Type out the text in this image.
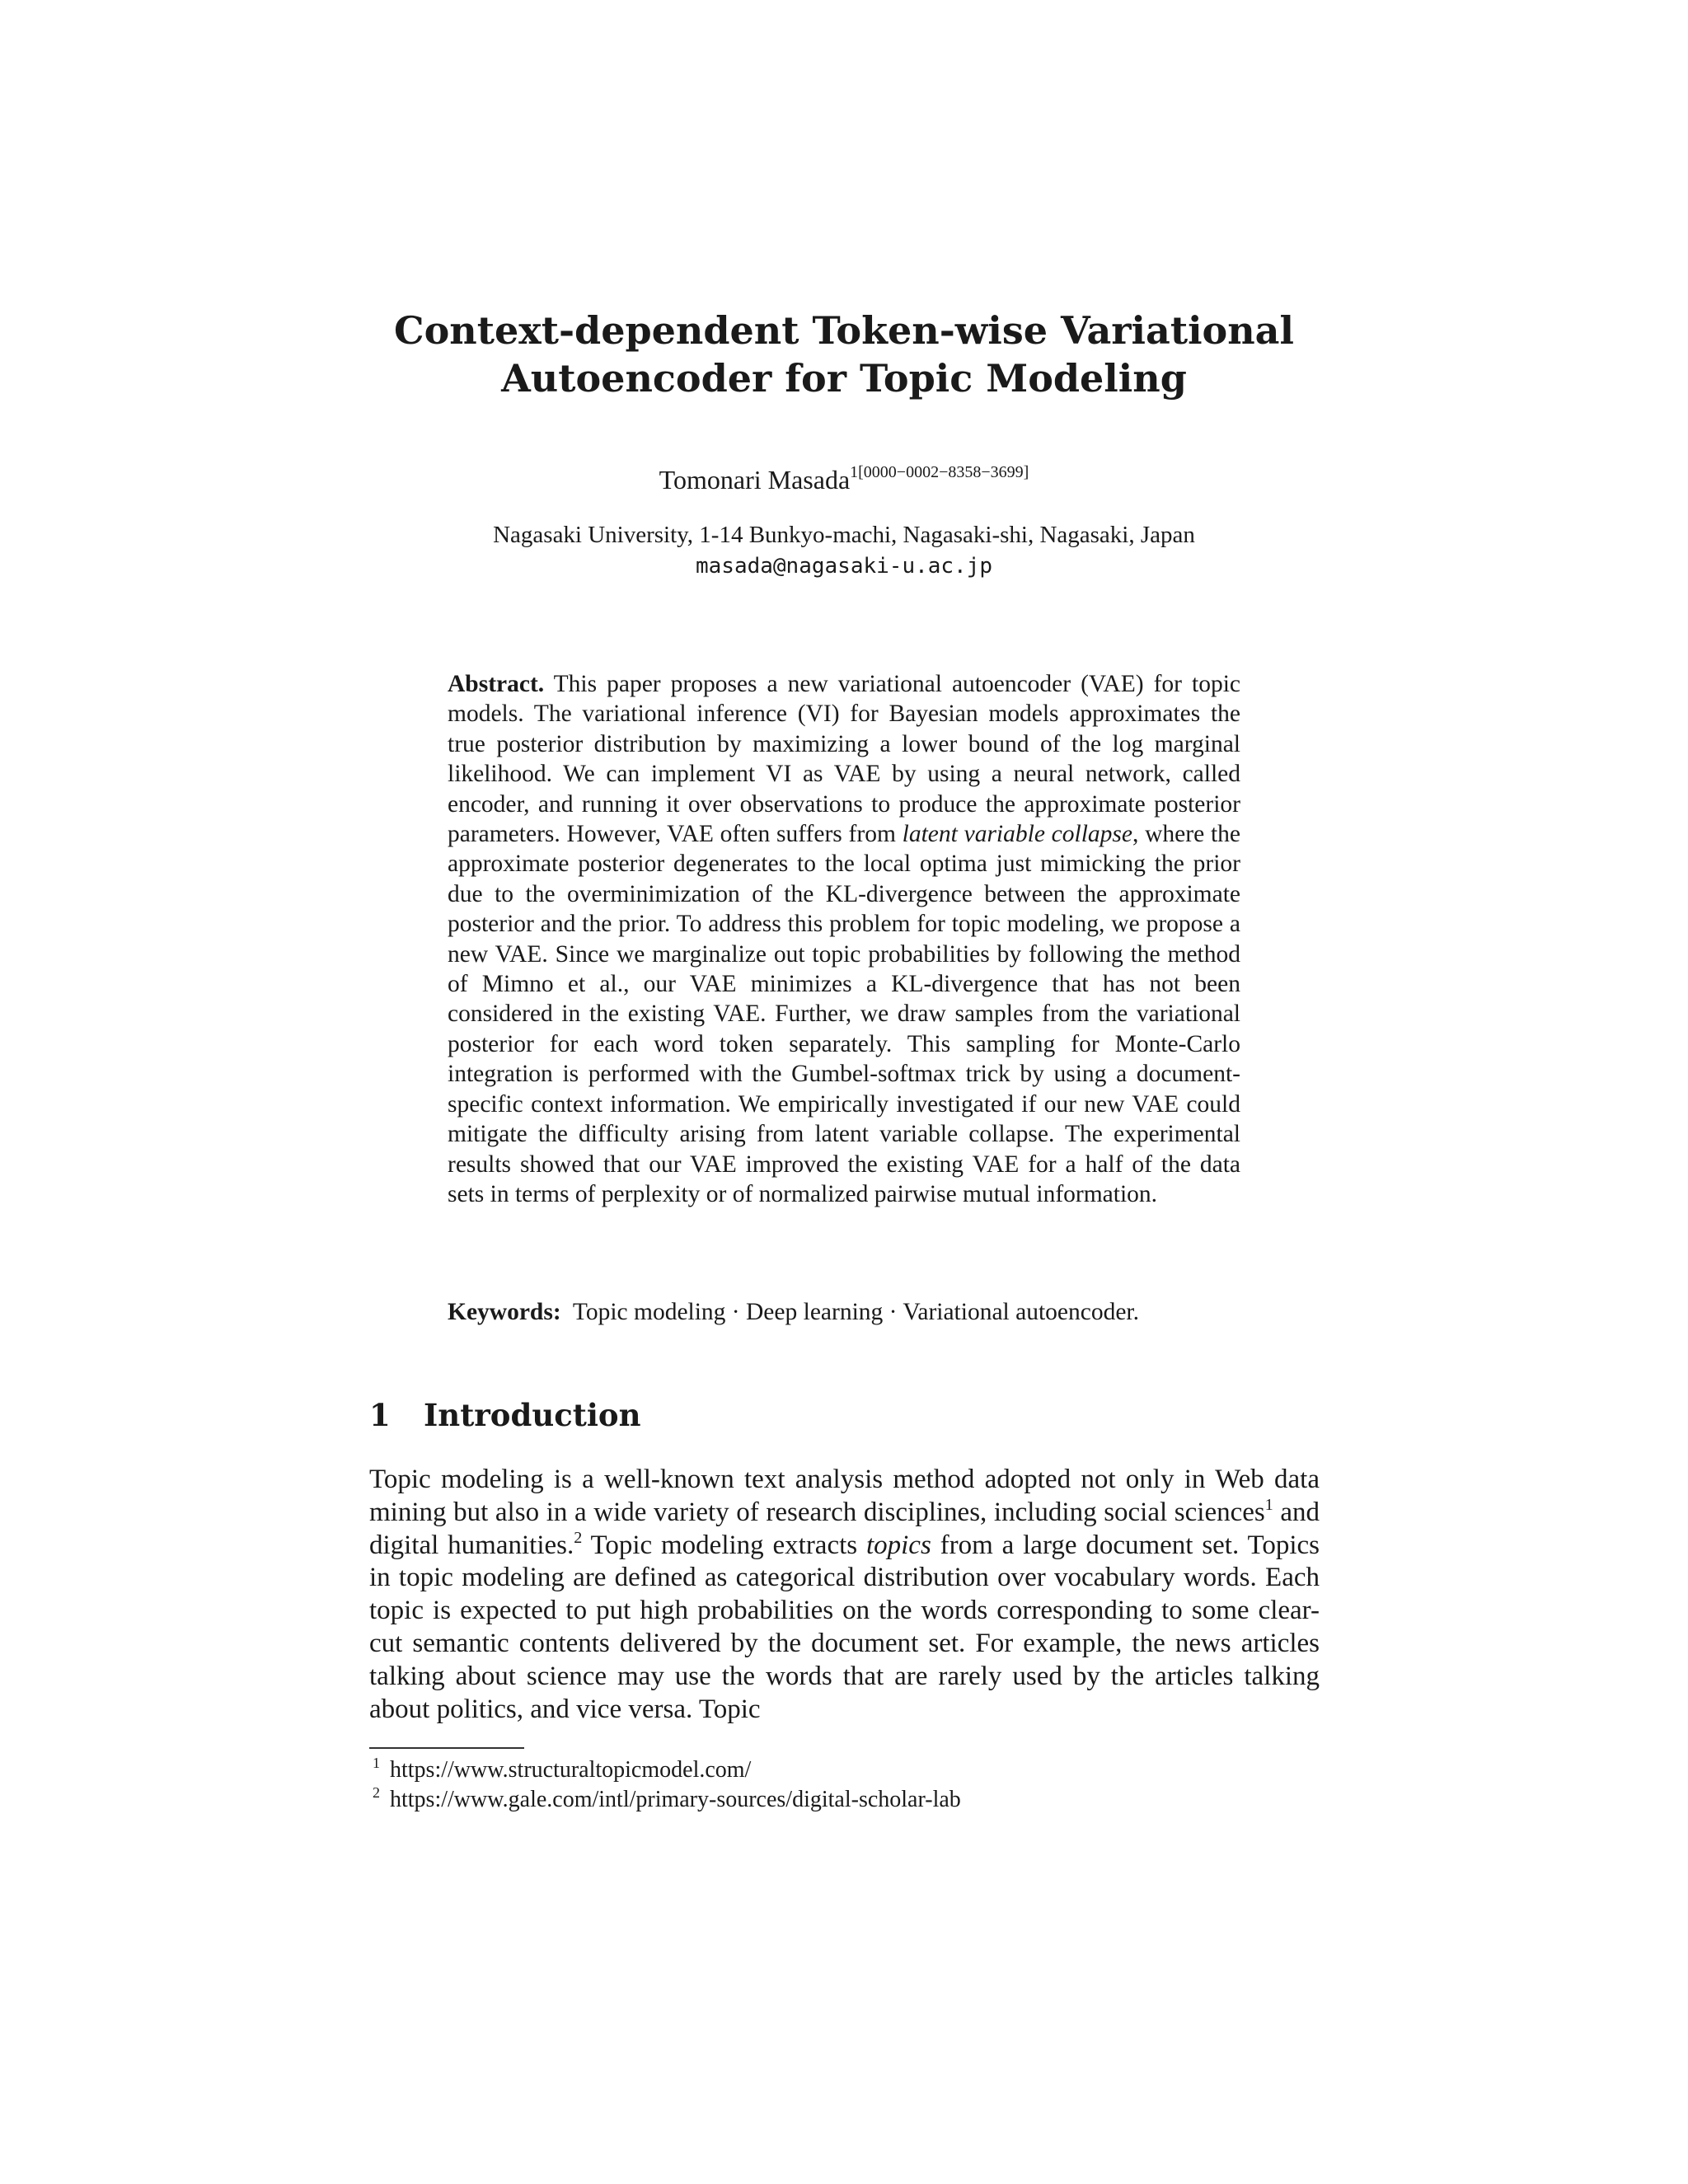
Context-dependent Token-wise Variational
Autoencoder for Topic Modeling
Tomonari Masada$^{1[0000-0002-8358-3699]}$
Nagasaki University, 1-14 Bunkyo-machi, Nagasaki-shi, Nagasaki, Japan
masada@nagasaki-u.ac.jp

Abstract. This paper proposes a new variational autoencoder (VAE) for topic models. The variational inference (VI) for Bayesian models approximates the true posterior distribution by maximizing a lower bound of the log marginal likelihood. We can implement VI as VAE by using a neural network, called encoder, and running it over observations to produce the approximate posterior parameters. However, VAE often suffers from latent variable collapse, where the approximate posterior degenerates to the local optima just mimicking the prior due to the overminimization of the KL-divergence between the approximate posterior and the prior. To address this problem for topic modeling, we propose a new VAE. Since we marginalize out topic probabilities by following the method of Mimno et al., our VAE minimizes a KL-divergence that has not been considered in the existing VAE. Further, we draw samples from the variational posterior for each word token separately. This sampling for Monte-Carlo integration is performed with the Gumbel-softmax trick by using a document-specific context information. We empirically investigated if our new VAE could mitigate the difficulty arising from latent variable collapse. The experimental results showed that our VAE improved the existing VAE for a half of the data sets in terms of perplexity or of normalized pairwise mutual information.

Keywords: Topic modeling · Deep learning · Variational autoencoder.

1 Introduction

Topic modeling is a well-known text analysis method adopted not only in Web data mining but also in a wide variety of research disciplines, including social sciences$^1$ and digital humanities.$^2$ Topic modeling extracts topics from a large document set. Topics in topic modeling are defined as categorical distribution over vocabulary words. Each topic is expected to put high probabilities on the words corresponding to some clear-cut semantic contents delivered by the document set. For example, the news articles talking about science may use the words that are rarely used by the articles talking about politics, and vice versa. Topic

$^1$ https://www.structuraltopicmodel.com/
$^2$ https://www.gale.com/intl/primary-sources/digital-scholar-lab
